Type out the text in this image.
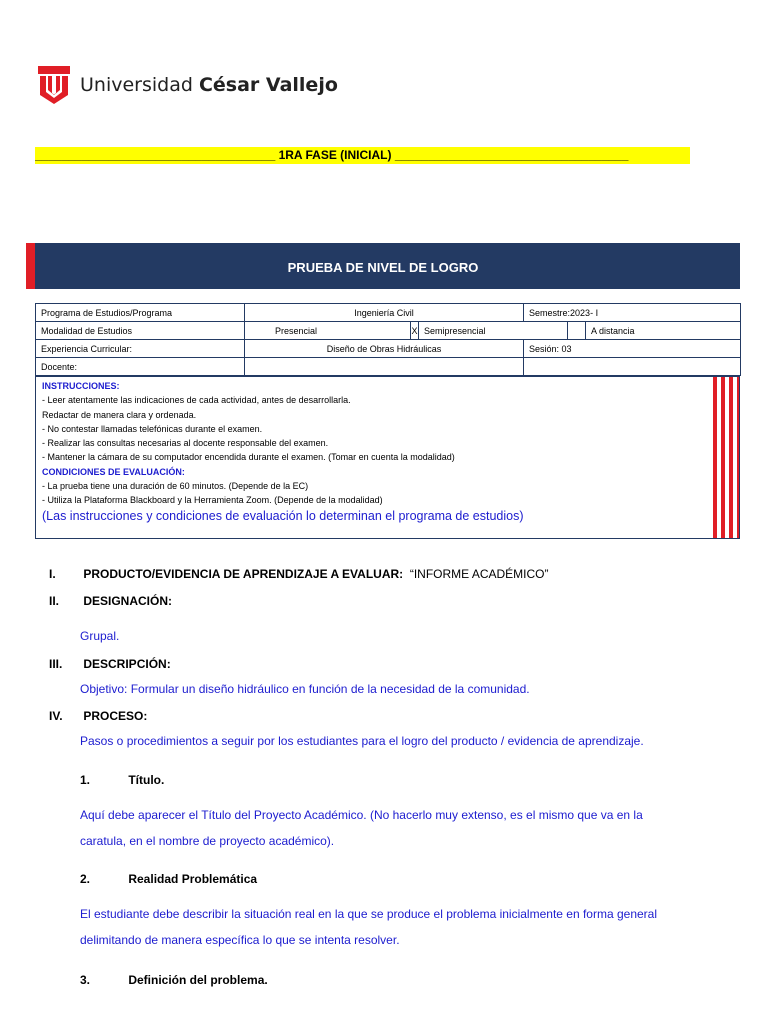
Universidad César Vallejo
____________________________________ 1RA FASE (INICIAL) ___________________________________
PRUEBA DE NIVEL DE LOGRO
Programa de Estudios/Programa	Ingeniería Civil			Semestre:2023- I		
Modalidad de Estudios	Presencial	X	Semipresencial			A distancia
Experiencia Curricular:	Diseño de Obras Hidráulicas			Sesión: 03		
Docente:						
INSTRUCCIONES:
- Leer atentamente las indicaciones de cada actividad, antes de desarrollarla.
Redactar de manera clara y ordenada.
- No contestar llamadas telefónicas durante el examen.
- Realizar las consultas necesarias al docente responsable del examen.
- Mantener la cámara de su computador encendida durante el examen. (Tomar en cuenta la modalidad)
CONDICIONES DE EVALUACIÓN:
- La prueba tiene una duración de 60 minutos. (Depende de la EC)
- Utiliza la Plataforma Blackboard y la Herramienta Zoom. (Depende de la modalidad)
(Las instrucciones y condiciones de evaluación lo determinan el programa de estudios)
I. PRODUCTO/EVIDENCIA DE APRENDIZAJE A EVALUAR: “INFORME ACADÉMICO”
II. DESIGNACIÓN:
Grupal.
III. DESCRIPCIÓN:
Objetivo: Formular un diseño hidráulico en función de la necesidad de la comunidad.
IV. PROCESO:
Pasos o procedimientos a seguir por los estudiantes para el logro del producto / evidencia de aprendizaje.
1.	Título.
Aquí debe aparecer el Título del Proyecto Académico. (No hacerlo muy extenso, es el mismo que va en la
caratula, en el nombre de proyecto académico).
2.	Realidad Problemática
El estudiante debe describir la situación real en la que se produce el problema inicialmente en forma general
delimitando de manera específica lo que se intenta resolver.
3.	Definición del problema.
